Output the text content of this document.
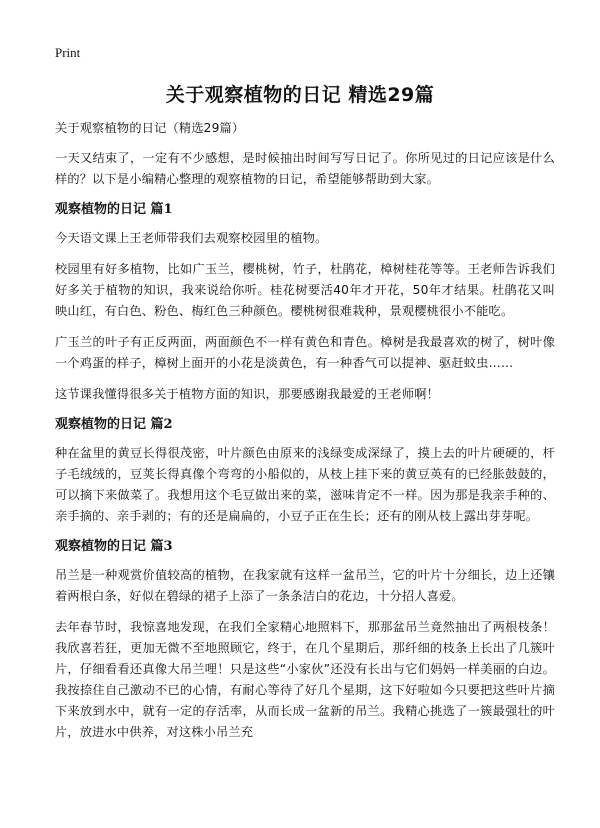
Print
关于观察植物的日记 精选29篇

关于观察植物的日记（精选29篇）

一天又结束了，一定有不少感想，是时候抽出时间写写日记了。你所见过的日记应该是什么样的？以下是小编精心整理的观察植物的日记，希望能够帮助到大家。

观察植物的日记 篇1

今天语文课上王老师带我们去观察校园里的植物。

校园里有好多植物，比如广玉兰，樱桃树，竹子，杜鹃花，樟树桂花等等。王老师告诉我们好多关于植物的知识，我来说给你听。桂花树要活40年才开花，50年才结果。杜鹃花又叫映山红，有白色、粉色、梅红色三种颜色。樱桃树很难栽种，景观樱桃很小不能吃。

广玉兰的叶子有正反两面，两面颜色不一样有黄色和青色。樟树是我最喜欢的树了，树叶像一个鸡蛋的样子，樟树上面开的小花是淡黄色，有一种香气可以提神、驱赶蚊虫……

这节课我懂得很多关于植物方面的知识，那要感谢我最爱的王老师啊！

观察植物的日记 篇2

种在盆里的黄豆长得很茂密，叶片颜色由原来的浅绿变成深绿了，摸上去的叶片硬硬的，杆子毛绒绒的，豆荚长得真像个弯弯的小船似的，从枝上挂下来的黄豆英有的已经胀鼓鼓的，可以摘下来做菜了。我想用这个毛豆做出来的菜，滋味肯定不一样。因为那是我亲手种的、亲手摘的、亲手剥的；有的还是扁扁的，小豆子正在生长；还有的刚从枝上露出芽芽呢。

观察植物的日记 篇3

吊兰是一种观赏价值较高的植物，在我家就有这样一盆吊兰，它的叶片十分细长，边上还镶着两根白条，好似在碧绿的裙子上添了一条条洁白的花边，十分招人喜爱。

去年春节时，我惊喜地发现，在我们全家精心地照料下，那那盆吊兰竟然抽出了两根枝条！我欣喜若狂，更加无微不至地照顾它，终于，在几个星期后，那纤细的枝条上长出了几簇叶片，仔细看看还真像大吊兰哩！只是这些“小家伙”还没有长出与它们妈妈一样美丽的白边。我按捺住自己激动不已的心情，有耐心等待了好几个星期，这下好啦如今只要把这些叶片摘下来放到水中，就有一定的存活率，从而长成一盆新的吊兰。我精心挑选了一簇最强壮的叶片，放进水中供养，对这株小吊兰充
